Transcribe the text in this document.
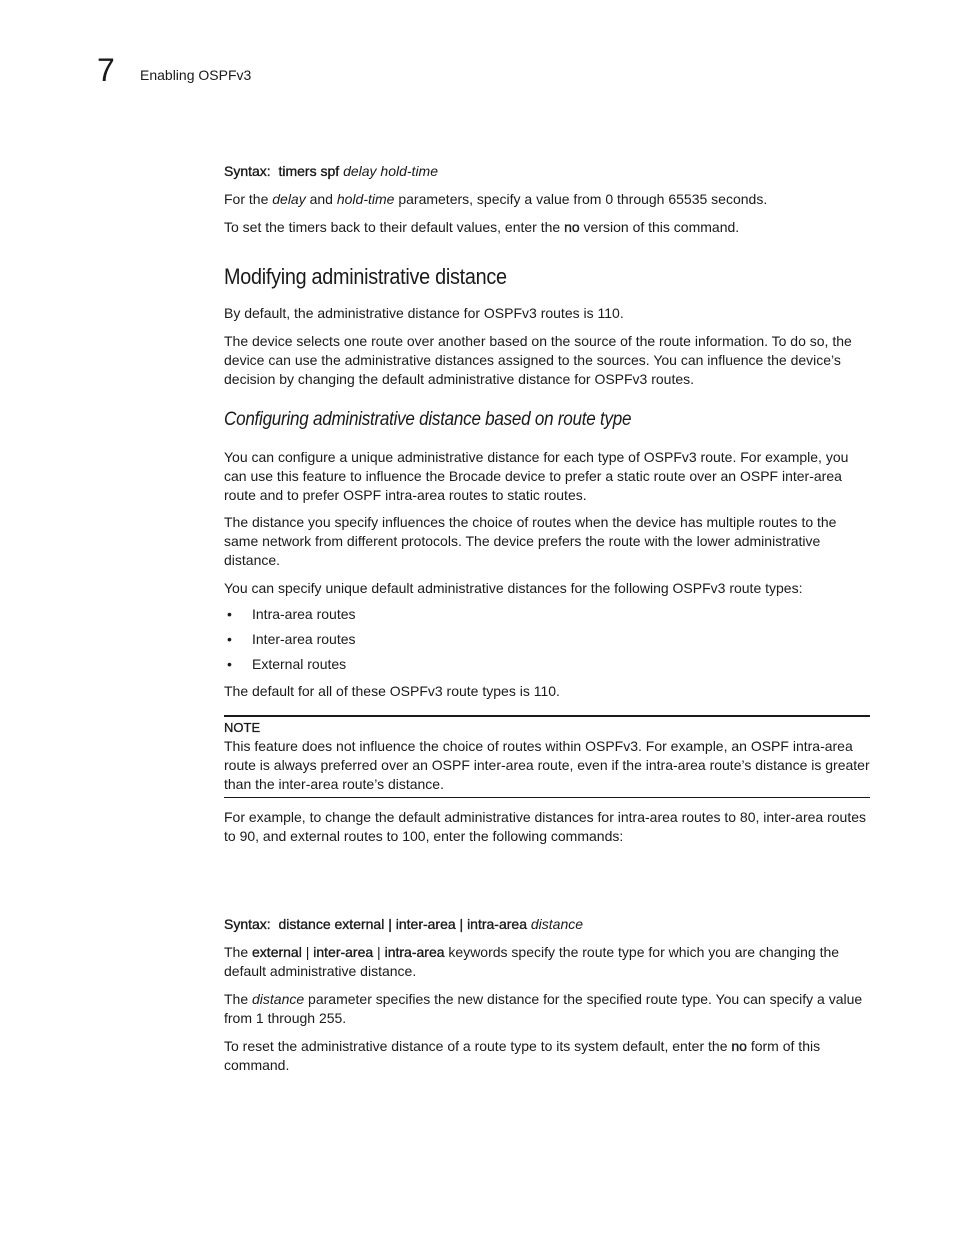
7 Enabling OSPFv3

Syntax: timers spf delay hold-time

For the delay and hold-time parameters, specify a value from 0 through 65535 seconds.

To set the timers back to their default values, enter the no version of this command.

Modifying administrative distance

By default, the administrative distance for OSPFv3 routes is 110.

The device selects one route over another based on the source of the route information. To do so, the device can use the administrative distances assigned to the sources. You can influence the device’s decision by changing the default administrative distance for OSPFv3 routes.

Configuring administrative distance based on route type

You can configure a unique administrative distance for each type of OSPFv3 route. For example, you can use this feature to influence the Brocade device to prefer a static route over an OSPF inter-area route and to prefer OSPF intra-area routes to static routes.

The distance you specify influences the choice of routes when the device has multiple routes to the same network from different protocols. The device prefers the route with the lower administrative distance.

You can specify unique default administrative distances for the following OSPFv3 route types:

• Intra-area routes
• Inter-area routes
• External routes

The default for all of these OSPFv3 route types is 110.

NOTE

This feature does not influence the choice of routes within OSPFv3. For example, an OSPF intra-area route is always preferred over an OSPF inter-area route, even if the intra-area route’s distance is greater than the inter-area route’s distance.

For example, to change the default administrative distances for intra-area routes to 80, inter-area routes to 90, and external routes to 100, enter the following commands:

Syntax: distance external | inter-area | intra-area distance

The external | inter-area | intra-area keywords specify the route type for which you are changing the default administrative distance.

The distance parameter specifies the new distance for the specified route type. You can specify a value from 1 through 255.

To reset the administrative distance of a route type to its system default, enter the no form of this command.
